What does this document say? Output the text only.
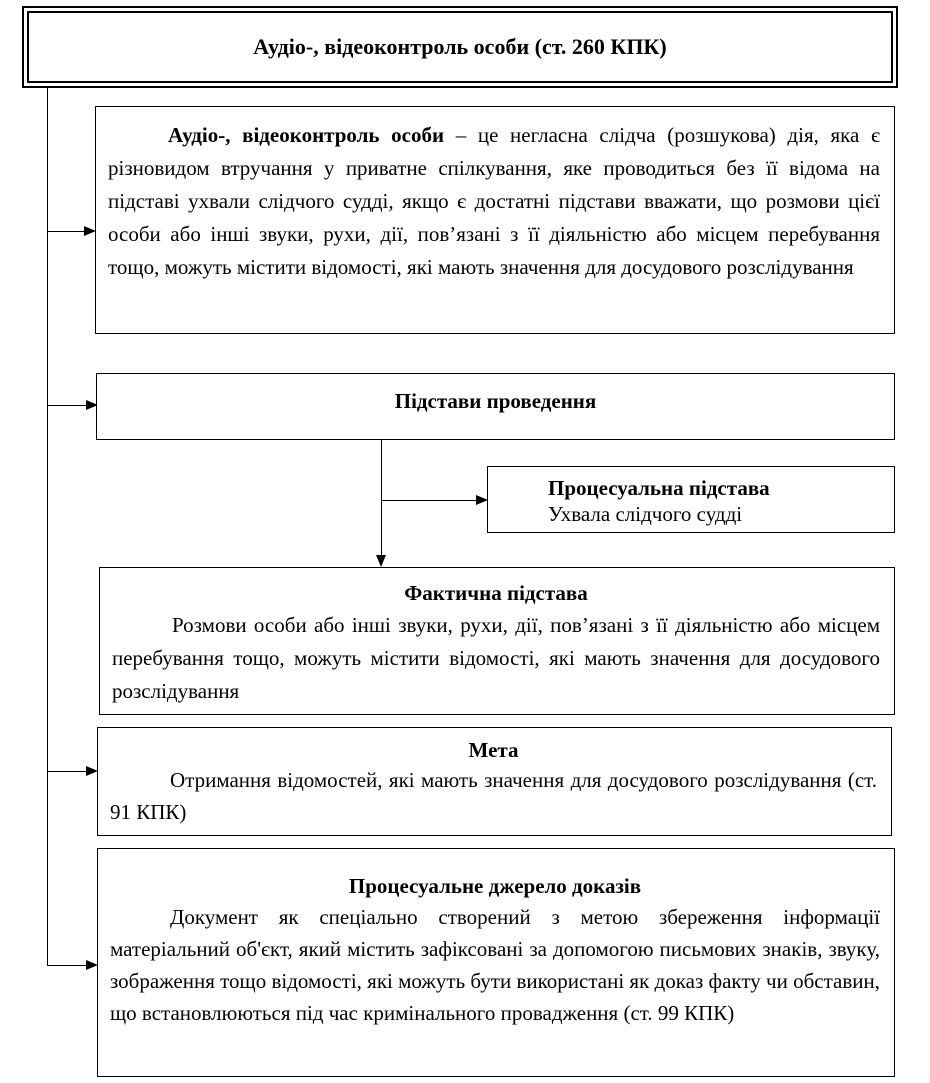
Аудіо-, відеоконтроль особи (ст. 260 КПК)

Аудіо-, відеоконтроль особи – це негласна слідча (розшукова) дія, яка є різновидом втручання у приватне спілкування, яке проводиться без її відома на підставі ухвали слідчого судді, якщо є достатні підстави вважати, що розмови цієї особи або інші звуки, рухи, дії, пов’язані з її діяльністю або місцем перебування тощо, можуть містити відомості, які мають значення для досудового розслідування

Підстави проведення

Процесуальна підстава
Ухвала слідчого судді

Фактична підстава

Розмови особи або інші звуки, рухи, дії, пов’язані з її діяльністю або місцем перебування тощо, можуть містити відомості, які мають значення для досудового розслідування

Мета

Отримання відомостей, які мають значення для досудового розслідування (ст. 91 КПК)

Процесуальне джерело доказів

Документ як спеціально створений з метою збереження інформації матеріальний об'єкт, який містить зафіксовані за допомогою письмових знаків, звуку, зображення тощо відомості, які можуть бути використані як доказ факту чи обставин, що встановлюються під час кримінального провадження (ст. 99 КПК)
